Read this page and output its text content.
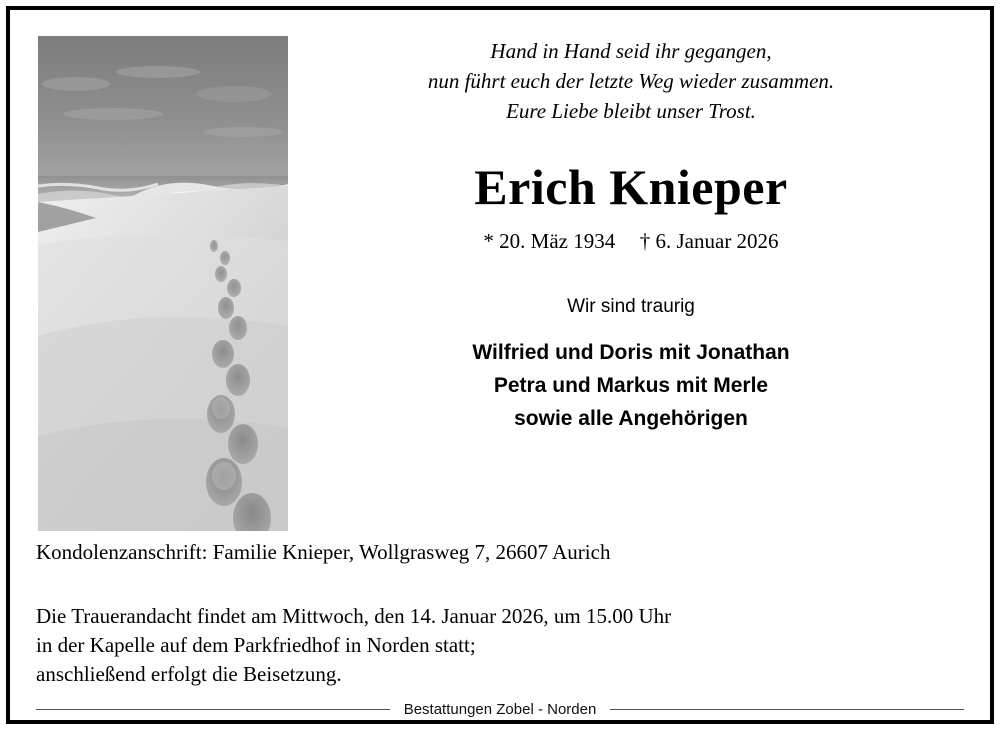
Hand in Hand seid ihr gegangen,
nun führt euch der letzte Weg wieder zusammen.
Eure Liebe bleibt unser Trost.
Erich Knieper
* 20. Mäz 1934 † 6. Januar 2026
Wir sind traurig
Wilfried und Doris mit Jonathan
Petra und Markus mit Merle
sowie alle Angehörigen
Kondolenzanschrift: Familie Knieper, Wollgrasweg 7, 26607 Aurich
Die Trauerandacht findet am Mittwoch, den 14. Januar 2026, um 15.00 Uhr
in der Kapelle auf dem Parkfriedhof in Norden statt;
anschließend erfolgt die Beisetzung.
Bestattungen Zobel - Norden
